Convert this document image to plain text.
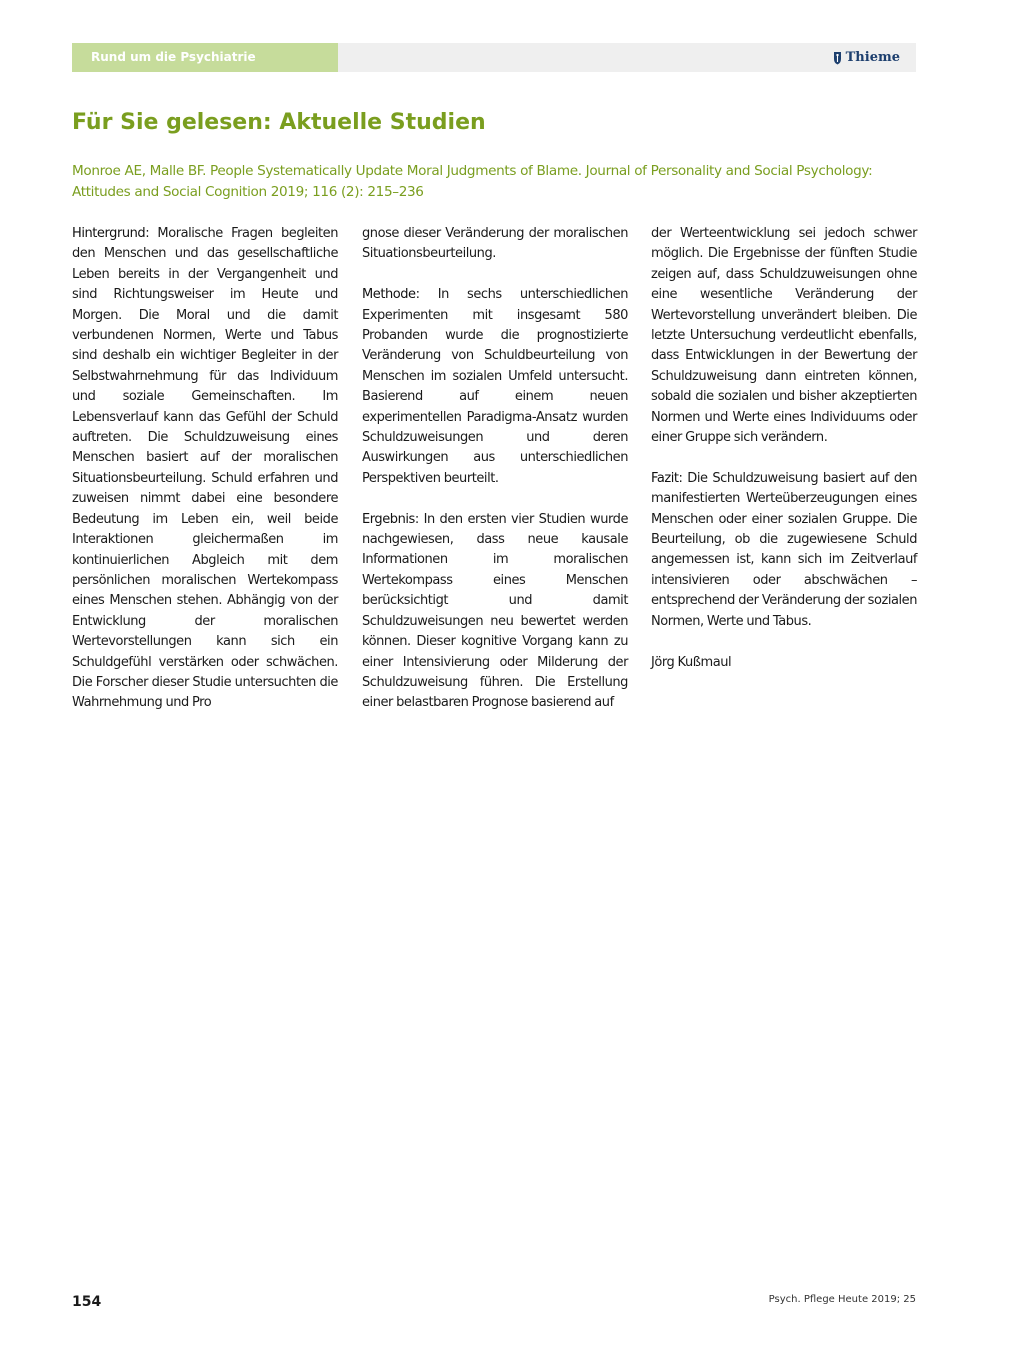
Rund um die Psychiatrie	Thieme
Für Sie gelesen: Aktuelle Studien

Monroe AE, Malle BF. People Systematically Update Moral Judgments of Blame. Journal of Personality and Social Psychology: Attitudes and Social Cognition 2019; 116 (2): 215–236

Hintergrund: Moralische Fragen begleiten den Menschen und das gesellschaftliche Leben bereits in der Vergangenheit und sind Richtungsweiser im Heute und Morgen. Die Moral und die damit verbundenen Normen, Werte und Tabus sind deshalb ein wichtiger Begleiter in der Selbstwahrnehmung für das Individuum und soziale Gemeinschaften. Im Lebensverlauf kann das Gefühl der Schuld auftreten. Die Schuldzuweisung eines Menschen basiert auf der moralischen Situationsbeurteilung. Schuld erfahren und zuweisen nimmt dabei eine besondere Bedeutung im Leben ein, weil beide Interaktionen gleichermaßen im kontinuierlichen Abgleich mit dem persönlichen moralischen Wertekompass eines Menschen stehen. Abhängig von der Entwicklung der moralischen Wertevorstellungen kann sich ein Schuldgefühl verstärken oder schwächen. Die Forscher dieser Studie untersuchten die Wahrnehmung und Pro

gnose dieser Veränderung der moralischen Situationsbeurteilung.

Methode: In sechs unterschiedlichen Experimenten mit insgesamt 580 Probanden wurde die prognostizierte Veränderung von Schuldbeurteilung von Menschen im sozialen Umfeld untersucht. Basierend auf einem neuen experimentellen Paradigma-Ansatz wurden Schuldzuweisungen und deren Auswirkungen aus unterschiedlichen Perspektiven beurteilt.

Ergebnis: In den ersten vier Studien wurde nachgewiesen, dass neue kausale Informationen im moralischen Wertekompass eines Menschen berücksichtigt und damit Schuldzuweisungen neu bewertet werden können. Dieser kognitive Vorgang kann zu einer Intensivierung oder Milderung der Schuldzuweisung führen. Die Erstellung einer belastbaren Prognose basierend auf

der Werteentwicklung sei jedoch schwer möglich. Die Ergebnisse der fünften Studie zeigen auf, dass Schuldzuweisungen ohne eine wesentliche Veränderung der Wertevorstellung unverändert bleiben. Die letzte Untersuchung verdeutlicht ebenfalls, dass Entwicklungen in der Bewertung der Schuldzuweisung dann eintreten können, sobald die sozialen und bisher akzeptierten Normen und Werte eines Individuums oder einer Gruppe sich verändern.

Fazit: Die Schuldzuweisung basiert auf den manifestierten Werteüberzeugungen eines Menschen oder einer sozialen Gruppe. Die Beurteilung, ob die zugewiesene Schuld angemessen ist, kann sich im Zeitverlauf intensivieren oder abschwächen – entsprechend der Veränderung der sozialen Normen, Werte und Tabus.

Jörg Kußmaul

154	Psych. Pflege Heute 2019; 25
